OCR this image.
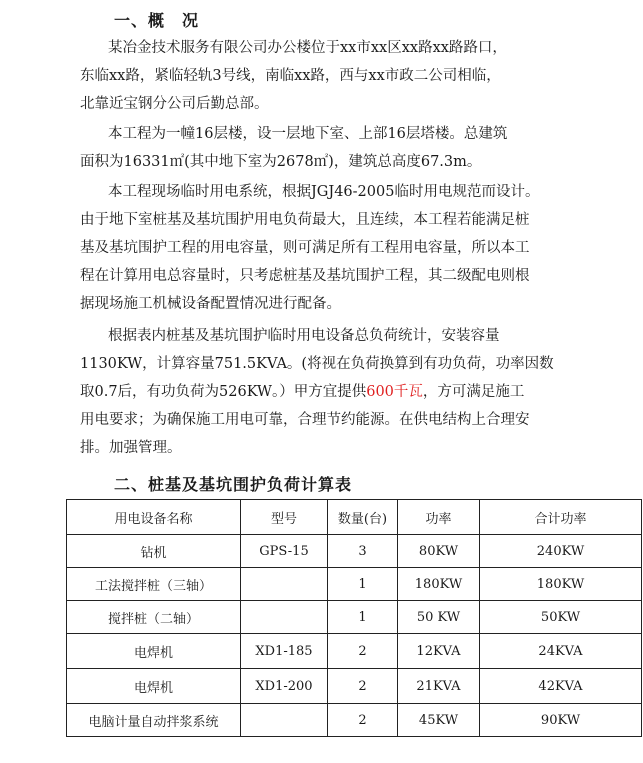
一、概　况

某冶金技术服务有限公司办公楼位于xx市xx区xx路xx路路口，
东临xx路，紧临轻轨3号线，南临xx路，西与xx市政二公司相临，
北靠近宝钢分公司后勤总部。

本工程为一幢16层楼，设一层地下室、上部16层塔楼。总建筑
面积为16331㎡(其中地下室为2678㎡)，建筑总高度67.3m。

本工程现场临时用电系统，根据JGJ46-2005临时用电规范而设计。
由于地下室桩基及基坑围护用电负荷最大，且连续，本工程若能满足桩
基及基坑围护工程的用电容量，则可满足所有工程用电容量，所以本工
程在计算用电总容量时，只考虑桩基及基坑围护工程，其二级配电则根
据现场施工机械设备配置情况进行配备。

根据表内桩基及基坑围护临时用电设备总负荷统计，安装容量
1130KW，计算容量751.5KVA。(将视在负荷换算到有功负荷，功率因数
取0.7后，有功负荷为526KW。）甲方宜提供600千瓦，方可满足施工
用电要求；为确保施工用电可靠，合理节约能源。在供电结构上合理安
排。加强管理。

二、桩基及基坑围护负荷计算表
用电设备名称	型号	数量(台)	功率	合计功率
钻机	GPS-15	3	80KW	240KW
工法搅拌桩（三轴）		1	180KW	180KW
搅拌桩（二轴）		1	50 KW	50KW
电焊机	XD1-185	2	12KVA	24KVA
电焊机	XD1-200	2	21KVA	42KVA
电脑计量自动拌浆系统		2	45KW	90KW
